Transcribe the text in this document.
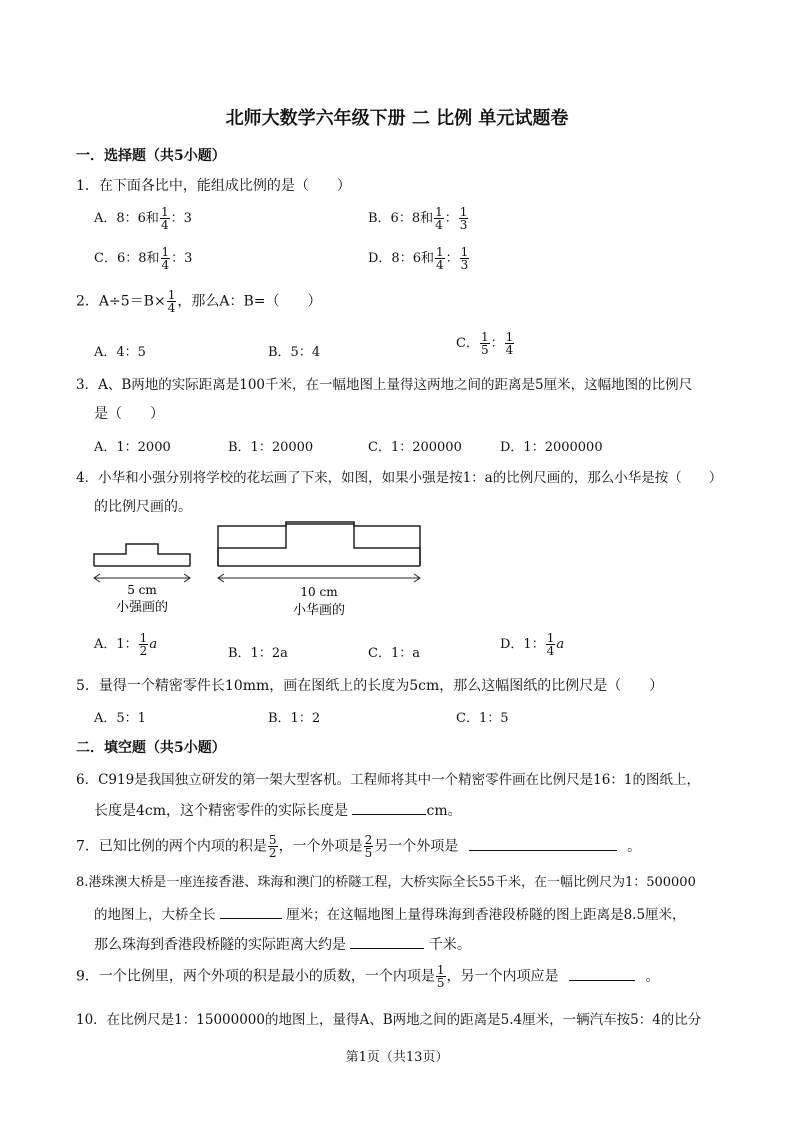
北师大数学六年级下册 二 比例 单元试题卷
一．选择题（共5小题）
1．在下面各比中，能组成比例的是（　　）
A．8：6和 $\frac{1}{4}$ ：3	B．6：8和 $\frac{1}{4}$ ： $\frac{1}{3}$
C．6：8和 $\frac{1}{4}$ ：3	D．8：6和 $\frac{1}{4}$ ： $\frac{1}{3}$
2．$A\div 5=B\times \frac{1}{4}$ ，那么A：B=（　　）
A．4：5	B．5：4
C． $\frac{1}{5}$ ： $\frac{1}{4}$
3．A、B两地的实际距离是100千米，在一幅地图上量得这两地之间的距离是5厘米，这幅地图的比例尺
是（　　）
A．1：2000	B．1：20000	C．1：200000	D．1：2000000
4．小华和小强分别将学校的花坛画了下来，如图，如果小强是按1：a的比例尺画的，那么小华是按（　　）
的比例尺画的。
5 cm
小强画的
10 cm
小华画的
A．1： $\frac{1}{2}$ a
B．1：2a	C．1：a
D．1： $\frac{1}{4}$ a
5．量得一个精密零件长10mm，画在图纸上的长度为5cm，那么这幅图纸的比例尺是（　　）
A．5：1	B．1：2	C．1：5
二．填空题（共5小题）
6．C919是我国独立研发的第一架大型客机。工程师将其中一个精密零件画在比例尺是16：1的图纸上，
长度是4cm，这个精密零件的实际长度是	cm。
7．已知比例的两个内项的积是 $\frac{5}{2}$ ，一个外项是 $\frac{2}{5}$ 另一个外项是	。
8.港珠澳大桥是一座连接香港、珠海和澳门的桥隧工程，大桥实际全长55千米，在一幅比例尺为1：500000
的地图上，大桥全长	厘米；在这幅地图上量得珠海到香港段桥隧的图上距离是8.5厘米，
那么珠海到香港段桥隧的实际距离大约是	千米。
9．一个比例里，两个外项的积是最小的质数，一个内项是 $\frac{1}{5}$ ，另一个内项应是	。
10．在比例尺是1：15000000的地图上，量得A、B两地之间的距离是5.4厘米，一辆汽车按5：4的比分
第1页（共13页）
